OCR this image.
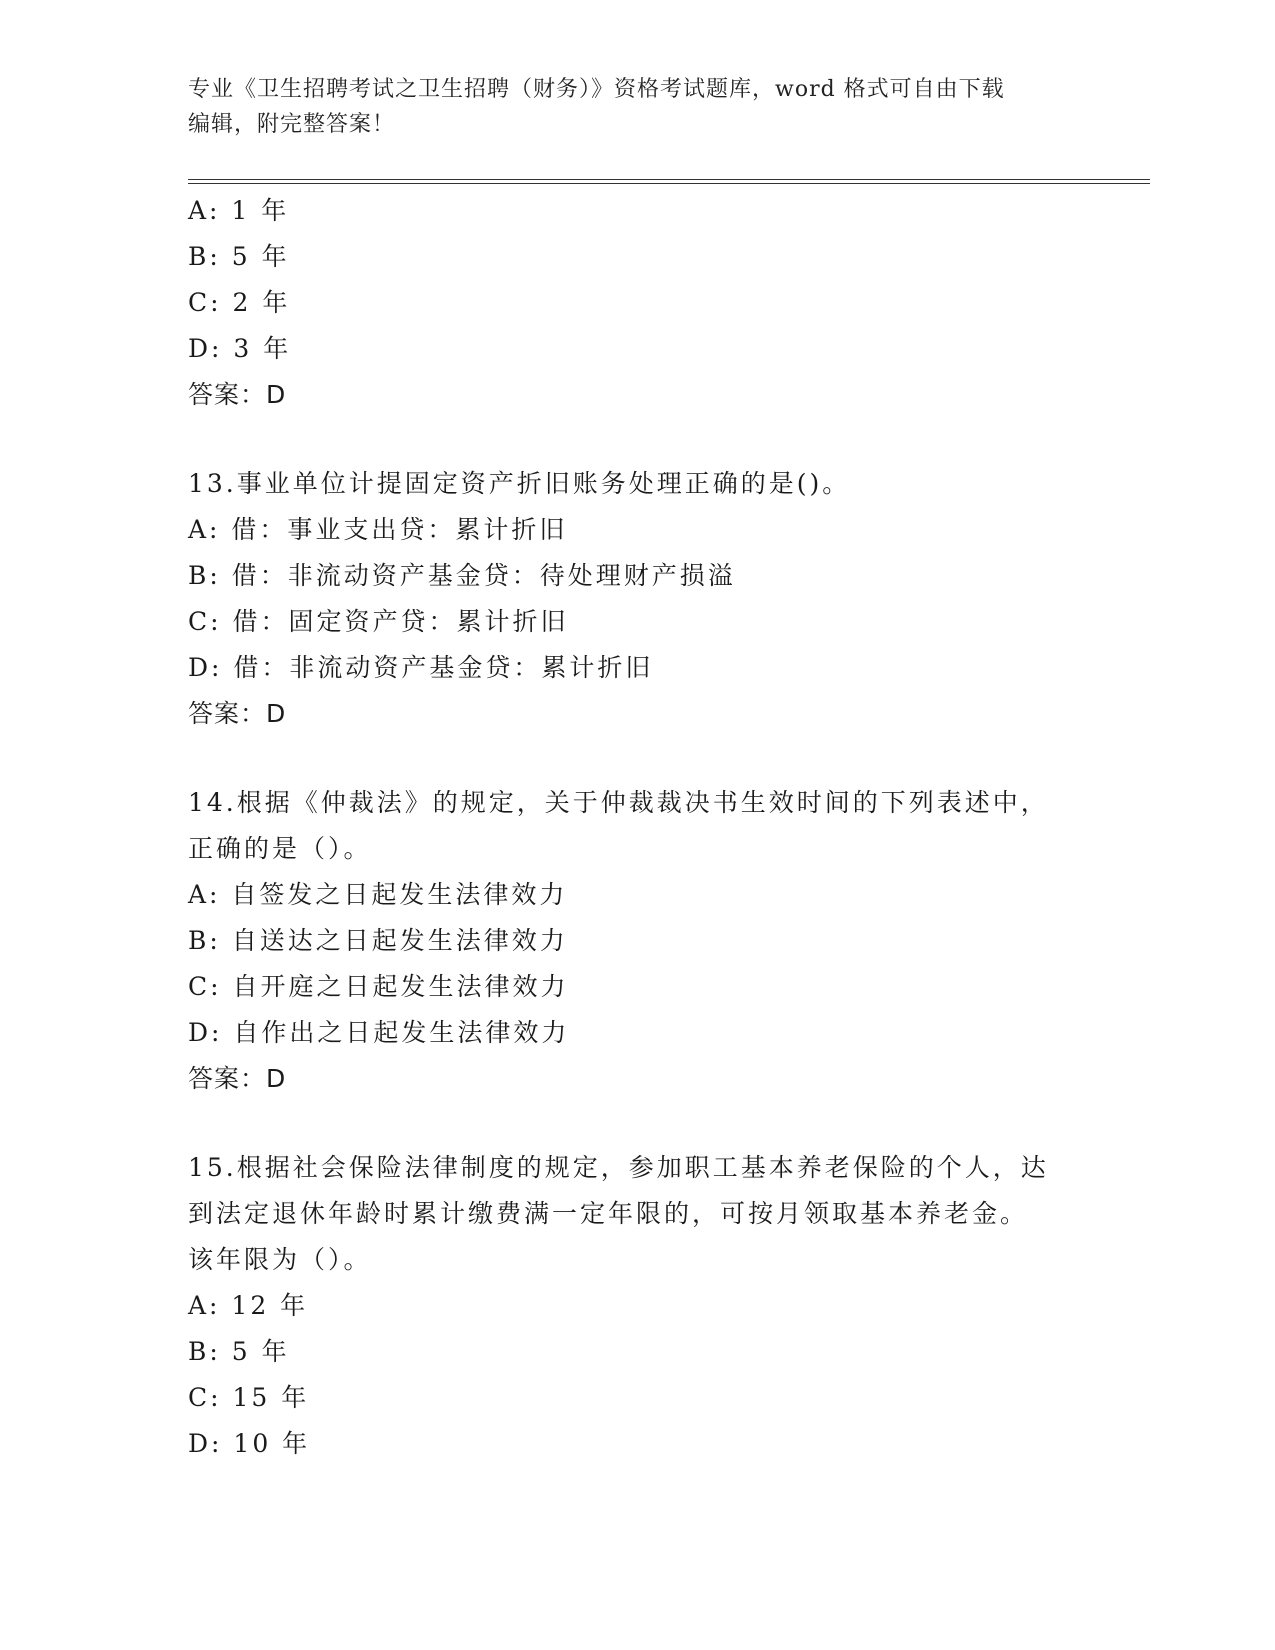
专业《卫生招聘考试之卫生招聘（财务）》资格考试题库，word 格式可自由下载
编辑，附完整答案！
A: 1 年
B: 5 年
C: 2 年
D: 3 年
答案：D
13.事业单位计提固定资产折旧账务处理正确的是()。
A: 借：事业支出贷：累计折旧
B: 借：非流动资产基金贷：待处理财产损溢
C: 借：固定资产贷：累计折旧
D: 借：非流动资产基金贷：累计折旧
答案：D
14.根据《仲裁法》的规定，关于仲裁裁决书生效时间的下列表述中，
正确的是（）。
A: 自签发之日起发生法律效力
B: 自送达之日起发生法律效力
C: 自开庭之日起发生法律效力
D: 自作出之日起发生法律效力
答案：D
15.根据社会保险法律制度的规定，参加职工基本养老保险的个人，达
到法定退休年龄时累计缴费满一定年限的，可按月领取基本养老金。
该年限为（）。
A: 12 年
B: 5 年
C: 15 年
D: 10 年
